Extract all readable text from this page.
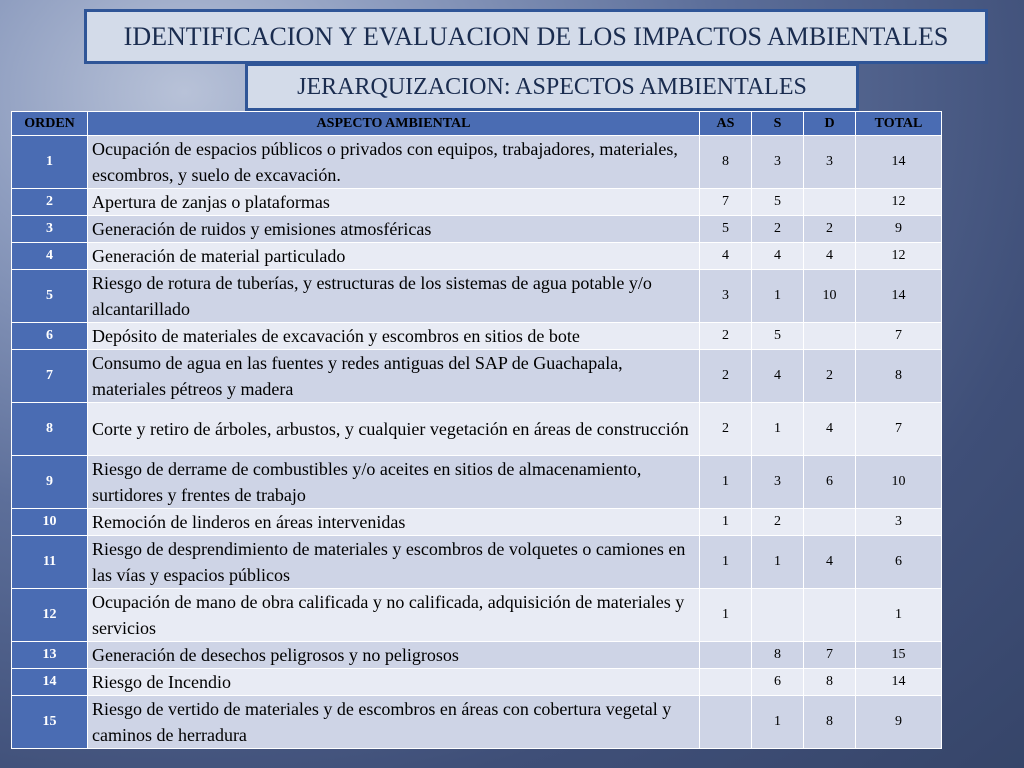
IDENTIFICACION Y EVALUACION DE LOS IMPACTOS AMBIENTALES
JERARQUIZACION: ASPECTOS AMBIENTALES
ORDEN	ASPECTO AMBIENTAL	AS	S	D	TOTAL
1	Ocupación de espacios públicos o privados con equipos, trabajadores, materiales, escombros, y suelo de excavación.	8	3	3	14
2	Apertura de zanjas o plataformas	7	5		12
3	Generación de ruidos y emisiones atmosféricas	5	2	2	9
4	Generación de material particulado	4	4	4	12
5	Riesgo de rotura de tuberías, y estructuras de los sistemas de agua potable y/o alcantarillado	3	1	10	14
6	Depósito de materiales de excavación y escombros en sitios de bote	2	5		7
7	Consumo de agua en las fuentes y redes antiguas del SAP de Guachapala, materiales pétreos y madera	2	4	2	8
8	Corte y retiro de árboles, arbustos, y cualquier vegetación en áreas de construcción	2	1	4	7
9	Riesgo de derrame de combustibles y/o aceites en sitios de almacenamiento, surtidores y frentes de trabajo	1	3	6	10
10	Remoción de linderos en áreas intervenidas	1	2		3
11	Riesgo de desprendimiento de materiales y escombros de volquetes o camiones en las vías y espacios públicos	1	1	4	6
12	Ocupación de mano de obra calificada y no calificada, adquisición de materiales y servicios	1			1
13	Generación de desechos peligrosos y no peligrosos		8	7	15
14	Riesgo de Incendio		6	8	14
15	Riesgo de vertido de materiales y de escombros en áreas con cobertura vegetal y caminos de herradura		1	8	9
